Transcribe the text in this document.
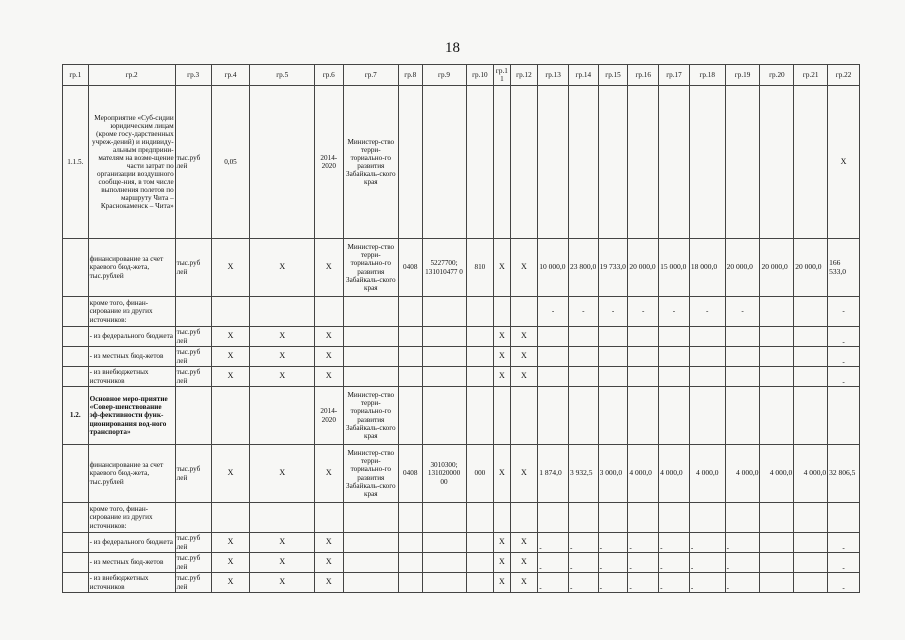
18
гр.1	гр.2	гр.3	гр.4	гр.5	гр.6	гр.7	гр.8	гр.9	гр.10	гр.1 1	гр.12	гр.13	гр.14	гр.15	гр.16	гр.17	гр.18	гр.19	гр.20	гр.21	гр.22
1.1.5.	Мероприятие «Суб-сидии юридическим лицам (кроме госу-дарственных учреж-дений) и индивиду-альным предприни-мателям на возме-щение части затрат по организации воздушного сообще-ния, в том числе выполнения полетов по маршруту Чита – Краснокаменск – Чита»	тыс.руб лей	0,05		2014-2020	Министер-ство терри-ториально-го развития Забайкаль-ского края															X
	финансирование за счет краевого бюд-жета, тыс.рублей	тыс.руб лей	X	X	X	Министер-ство терри-ториально-го развития Забайкаль-ского края	0408	5227700; 131010477 0	810	X	X	10 000,0	23 800,0	19 733,0	20 000,0	15 000,0	18 000,0	20 000,0	20 000,0	20 000,0	166 533,0
	кроме того, финан-сирование из других источников:											-	-	-	-	-	-	-			-
	- из федерального бюджета	тыс.руб лей	X	X	X					X	X										-
	- из местных бюд-жетов	тыс.руб лей	X	X	X					X	X										-
	- из внебюджетных источников	тыс.руб лей	X	X	X					X	X										-
1.2.	Основное меро-приятие «Совер-шенствование эф-фективности функ-ционирования вод-ного транспорта»				2014-2020	Министер-ство терри-ториально-го развития Забайкаль-ского края															
	финансирование за счет краевого бюд-жета, тыс.рублей	тыс.руб лей	X	X	X	Министер-ство терри-ториально-го развития Забайкаль-ского края	0408	3010300; 131020000 00	000	X	X	1 874,0	3 932,5	3 000,0	4 000,0	4 000,0	4 000,0	4 000,0	4 000,0	4 000,0	32 806,5
	кроме того, финан-сирование из других источников:																				
	- из федерального бюджета	тыс.руб лей	X	X	X					X	X	-	-	-	-	-	-	-			-
	- из местных бюд-жетов	тыс.руб лей	X	X	X					X	X	-	-	-	-	-	-	-			-
	- из внебюджетных источников	тыс.руб лей	X	X	X					X	X	-	-	-	-	-	-	-			-
